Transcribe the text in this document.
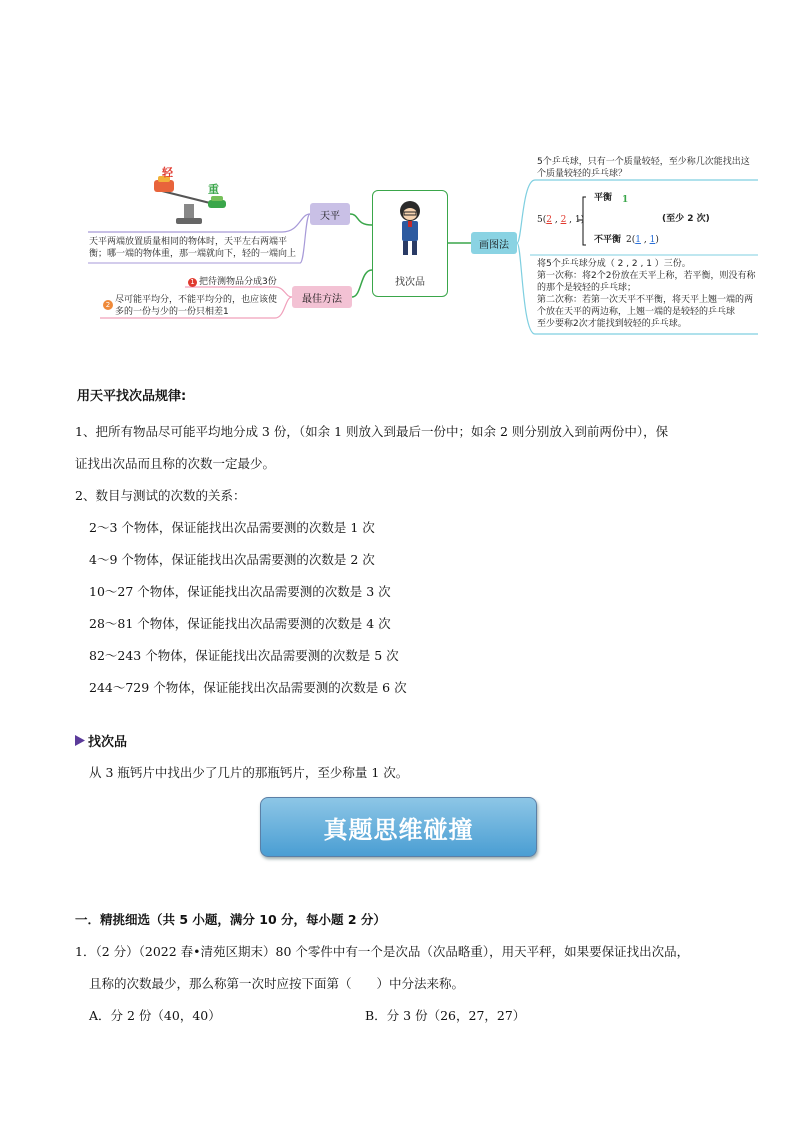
轻
重
天平两端放置质量相同的物体时，天平左右两端平
衡；哪一端的物体重，那一端就向下，轻的一端向上
1 把待测物品分成3份
2 尽可能平均分，不能平均分的，也应该使
多的一份与少的一份只相差1
天平
最佳方法
画图法
找次品
5个乒乓球，只有一个质量较轻，至少称几次能找出这
个质量较轻的乒乓球？
5(2 , 2 , 1)
平衡 1
(至少 2 次)
不平衡 2(1 , 1)
将5个乒乓球分成（ 2 , 2 , 1 ）三份。
第一次称：将2个2份放在天平上称，若平衡，则没有称
的那个是较轻的乒乓球；
第二次称：若第一次天平不平衡，将天平上翘一端的两
个放在天平的两边称，上翘一端的是较轻的乒乓球
至少要称2次才能找到较轻的乒乓球。
用天平找次品规律:
1、把所有物品尽可能平均地分成 3 份，（如余 1 则放入到最后一份中；如余 2 则分别放入到前两份中），保
证找出次品而且称的次数一定最少。
2、数目与测试的次数的关系：
2～3 个物体，保证能找出次品需要测的次数是 1 次
4～9 个物体，保证能找出次品需要测的次数是 2 次
10～27 个物体，保证能找出次品需要测的次数是 3 次
28～81 个物体，保证能找出次品需要测的次数是 4 次
82～243 个物体，保证能找出次品需要测的次数是 5 次
244～729 个物体，保证能找出次品需要测的次数是 6 次
找次品
从 3 瓶钙片中找出少了几片的那瓶钙片，至少称量 1 次。
真题思维碰撞
一．精挑细选（共 5 小题，满分 10 分，每小题 2 分）
1．（2 分）（2022 春•清苑区期末）80 个零件中有一个是次品（次品略重），用天平秤，如果要保证找出次品，
且称的次数最少，那么称第一次时应按下面第（　　）中分法来称。
A．分 2 份（40，40）	B．分 3 份（26，27，27）
